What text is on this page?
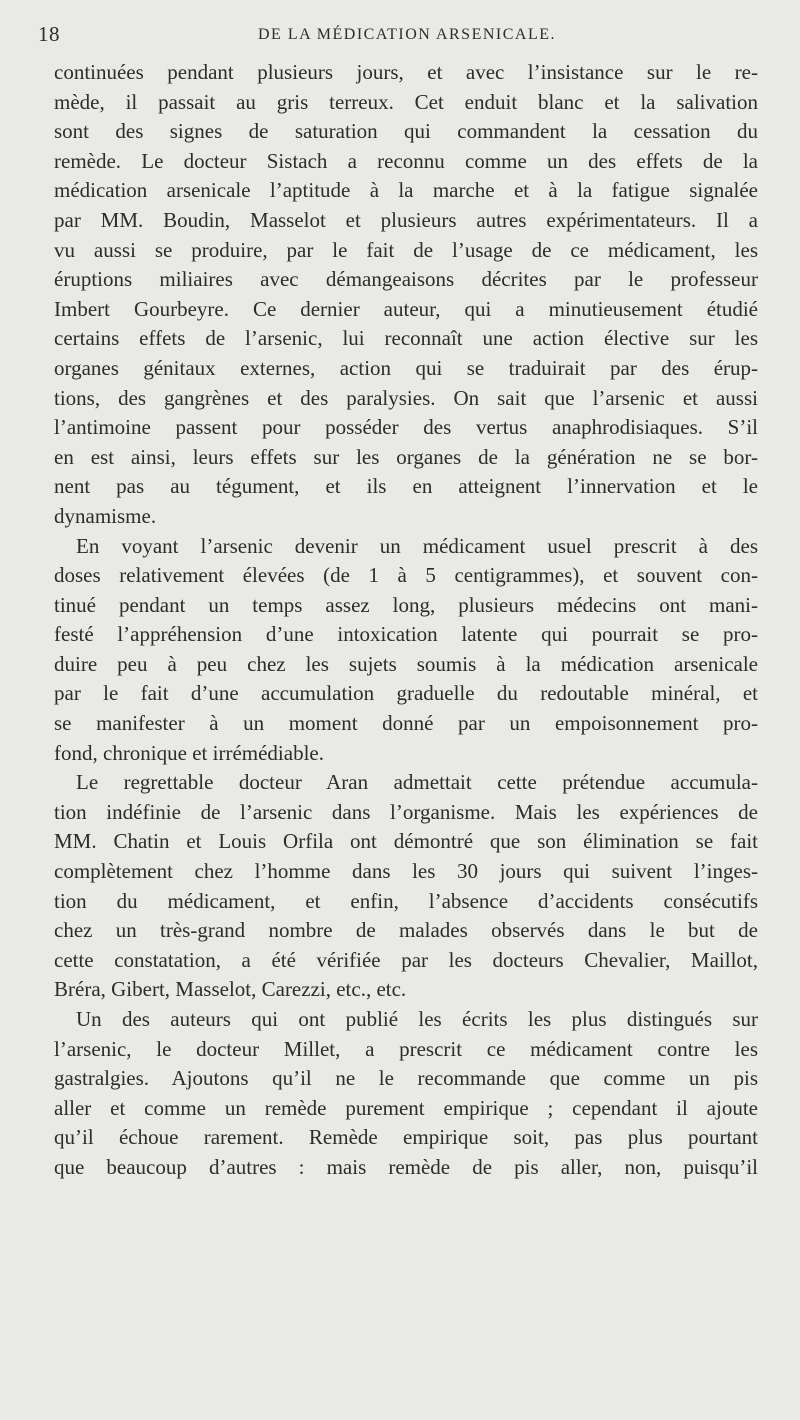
18	DE LA MÉDICATION ARSENICALE.
continuées pendant plusieurs jours, et avec l’insistance sur le re-
mède, il passait au gris terreux. Cet enduit blanc et la salivation
sont des signes de saturation qui commandent la cessation du
remède. Le docteur Sistach a reconnu comme un des effets de la
médication arsenicale l’aptitude à la marche et à la fatigue signalée
par MM. Boudin, Masselot et plusieurs autres expérimentateurs. Il a
vu aussi se produire, par le fait de l’usage de ce médicament, les
éruptions miliaires avec démangeaisons décrites par le professeur
Imbert Gourbeyre. Ce dernier auteur, qui a minutieusement étudié
certains effets de l’arsenic, lui reconnaît une action élective sur les
organes génitaux externes, action qui se traduirait par des érup-
tions, des gangrènes et des paralysies. On sait que l’arsenic et aussi
l’antimoine passent pour posséder des vertus anaphrodisiaques. S’il
en est ainsi, leurs effets sur les organes de la génération ne se bor-
nent pas au tégument, et ils en atteignent l’innervation et le
dynamisme.
En voyant l’arsenic devenir un médicament usuel prescrit à des
doses relativement élevées (de 1 à 5 centigrammes), et souvent con-
tinué pendant un temps assez long, plusieurs médecins ont mani-
festé l’appréhension d’une intoxication latente qui pourrait se pro-
duire peu à peu chez les sujets soumis à la médication arsenicale
par le fait d’une accumulation graduelle du redoutable minéral, et
se manifester à un moment donné par un empoisonnement pro-
fond, chronique et irrémédiable.
Le regrettable docteur Aran admettait cette prétendue accumula-
tion indéfinie de l’arsenic dans l’organisme. Mais les expériences de
MM. Chatin et Louis Orfila ont démontré que son élimination se fait
complètement chez l’homme dans les 30 jours qui suivent l’inges-
tion du médicament, et enfin, l’absence d’accidents consécutifs
chez un très-grand nombre de malades observés dans le but de
cette constatation, a été vérifiée par les docteurs Chevalier, Maillot,
Bréra, Gibert, Masselot, Carezzi, etc., etc.
Un des auteurs qui ont publié les écrits les plus distingués sur
l’arsenic, le docteur Millet, a prescrit ce médicament contre les
gastralgies. Ajoutons qu’il ne le recommande que comme un pis
aller et comme un remède purement empirique ; cependant il ajoute
qu’il échoue rarement. Remède empirique soit, pas plus pourtant
que beaucoup d’autres : mais remède de pis aller, non, puisqu’il
